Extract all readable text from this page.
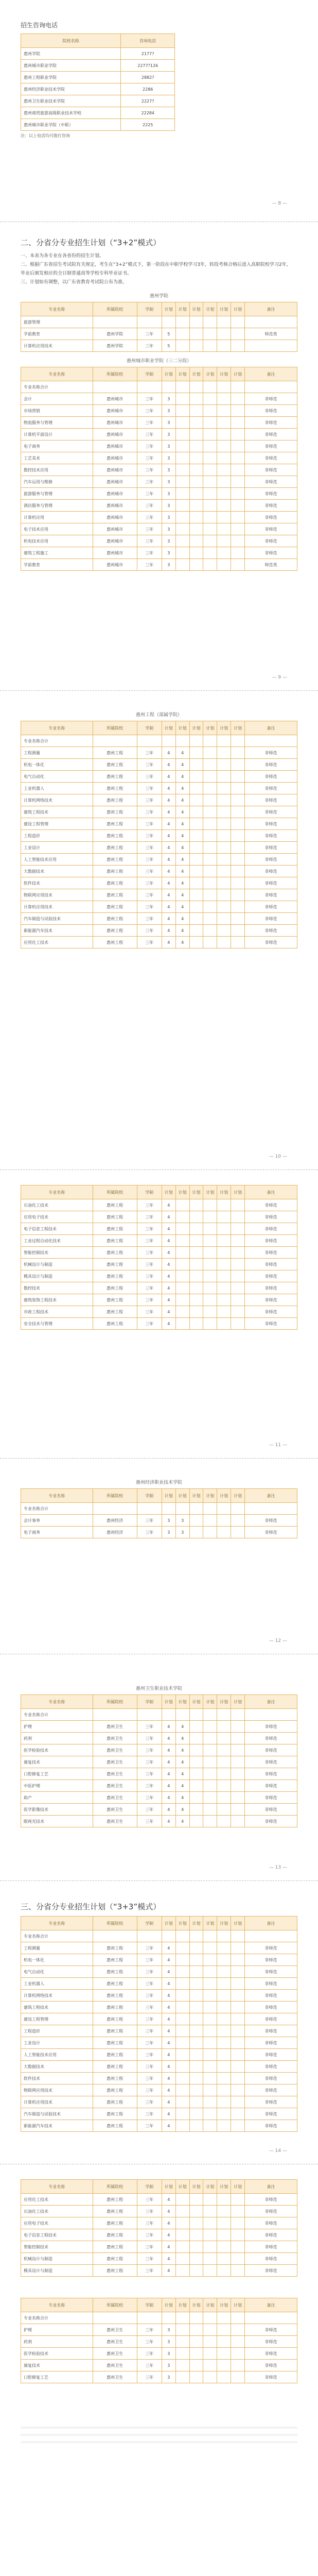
招生咨询电话
院校名称	咨询电话
惠州学院	2177?
惠州城市职业学院	2277?126
惠州工程职业学院	2882?
惠州经济职业技术学院	2286
惠州卫生职业技术学院	2227?
惠州商贸旅游高级职业技术学校	22284
惠州城市职业学院（中职）	2225
注：以上电话均可拨打咨询
— 8 —
二、分省分专业招生计划（“3+2”模式）

一、本表为各专业在各省份的招生计划。

二、根据广东省招生考试院有关规定，考生在“3+2”模式下，第一阶段在中职学校学习3年，转段考核合格后进入高职院校学习2年，

毕业后颁发相应的全日制普通高等学校专科毕业证书。

三、计划如有调整，以广东省教育考试院公布为准。

惠州学院
专业名称	所属院校	学制	计划	计划	计划	计划	计划	计划	备注
旅游管理									
学前教育	惠州学院	三年	5						师范类
计算机应用技术	惠州学院	三年	5						
惠州城市职业学院（三二分段）
专业名称	所属院校	学制	计划	计划	计划	计划	计划	计划	备注
专业名称合计									
会计	惠州城市	三年	3						非师范
市场营销	惠州城市	三年	3						非师范
物流服务与管理	惠州城市	三年	3						非师范
计算机平面设计	惠州城市	三年	3						非师范
电子商务	惠州城市	三年	3						非师范
工艺美术	惠州城市	三年	3						非师范
数控技术应用	惠州城市	三年	3						非师范
汽车运用与维修	惠州城市	三年	3						非师范
旅游服务与管理	惠州城市	三年	3						非师范
酒店服务与管理	惠州城市	三年	3						非师范
计算机应用	惠州城市	三年	3						非师范
电子技术应用	惠州城市	三年	3						非师范
机电技术应用	惠州城市	三年	3						非师范
建筑工程施工	惠州城市	三年	3						非师范
学前教育	惠州城市	三年	3						师范类
— 9 —
惠州工程（部属学院）
专业名称	所属院校	学制	计划	计划	计划	计划	计划	计划	备注
专业名称合计									
工程测量	惠州工程	三年	4	4					非师范
机电一体化	惠州工程	三年	4	4					非师范
电气自动化	惠州工程	三年	4	4					非师范
工业机器人	惠州工程	三年	4	4					非师范
计算机网络技术	惠州工程	三年	4	4					非师范
建筑工程技术	惠州工程	三年	4	4					非师范
建设工程管理	惠州工程	三年	4	4					非师范
工程造价	惠州工程	三年	4	4					非师范
工业设计	惠州工程	三年	4	4					非师范
人工智能技术应用	惠州工程	三年	4	4					非师范
大数据技术	惠州工程	三年	4	4					非师范
软件技术	惠州工程	三年	4	4					非师范
物联网应用技术	惠州工程	三年	4	4					非师范
计算机应用技术	惠州工程	三年	4	4					非师范
汽车制造与试验技术	惠州工程	三年	4	4					非师范
新能源汽车技术	惠州工程	三年	4	4					非师范
应用化工技术	惠州工程	三年	4	4					非师范
— 10 —
专业名称	所属院校	学制	计划	计划	计划	计划	计划	计划	备注
石油化工技术	惠州工程	三年	4						非师范
应用电子技术	惠州工程	三年	4						非师范
电子信息工程技术	惠州工程	三年	4						非师范
工业过程自动化技术	惠州工程	三年	4						非师范
智能控制技术	惠州工程	三年	4						非师范
机械设计与制造	惠州工程	三年	4						非师范
模具设计与制造	惠州工程	三年	4						非师范
数控技术	惠州工程	三年	4						非师范
建筑装饰工程技术	惠州工程	三年	4						非师范
市政工程技术	惠州工程	三年	4						非师范
安全技术与管理	惠州工程	三年	4						非师范
— 11 —
惠州经济职业技术学院
专业名称	所属院校	学制	计划	计划	计划	计划	计划	计划	备注
专业名称合计									
会计事务	惠州经济	三年	3	3					非师范
电子商务	惠州经济	三年	3	3					非师范
— 12 —
惠州卫生职业技术学院
专业名称	所属院校	学制	计划	计划	计划	计划	计划	计划	备注
专业名称合计									
护理	惠州卫生	三年	4	4					非师范
药剂	惠州卫生	三年	4	4					非师范
医学检验技术	惠州卫生	三年	4	4					非师范
康复技术	惠州卫生	三年	4	4					非师范
口腔修复工艺	惠州卫生	三年	4	4					非师范
中医护理	惠州卫生	三年	4	4					非师范
助产	惠州卫生	三年	4	4					非师范
医学影像技术	惠州卫生	三年	4	4					非师范
眼视光技术	惠州卫生	三年	4	4					非师范
— 13 —
三、分省分专业招生计划（“3+3”模式）
专业名称	所属院校	学制	计划	计划	计划	计划	计划	计划	备注
专业名称合计									
工程测量	惠州工程	三年	4						非师范
机电一体化	惠州工程	三年	4						非师范
电气自动化	惠州工程	三年	4						非师范
工业机器人	惠州工程	三年	4						非师范
计算机网络技术	惠州工程	三年	4						非师范
建筑工程技术	惠州工程	三年	4						非师范
建设工程管理	惠州工程	三年	4						非师范
工程造价	惠州工程	三年	4						非师范
工业设计	惠州工程	三年	4						非师范
人工智能技术应用	惠州工程	三年	4						非师范
大数据技术	惠州工程	三年	4						非师范
软件技术	惠州工程	三年	4						非师范
物联网应用技术	惠州工程	三年	4						非师范
计算机应用技术	惠州工程	三年	4						非师范
汽车制造与试验技术	惠州工程	三年	4						非师范
新能源汽车技术	惠州工程	三年	4						非师范
— 14 —
专业名称	所属院校	学制	计划	计划	计划	计划	计划	计划	备注
应用化工技术	惠州工程	三年	4						非师范
石油化工技术	惠州工程	三年	4						非师范
应用电子技术	惠州工程	三年	4						非师范
电子信息工程技术	惠州工程	三年	4						非师范
智能控制技术	惠州工程	三年	4						非师范
机械设计与制造	惠州工程	三年	4						非师范
模具设计与制造	惠州工程	三年	4						非师范
专业名称	所属院校	学制	计划	计划	计划	计划	计划	计划	备注
专业名称合计									
护理	惠州卫生	三年	3						非师范
药剂	惠州卫生	三年	3						非师范
医学检验技术	惠州卫生	三年	3						非师范
康复技术	惠州卫生	三年	3						非师范
口腔修复工艺	惠州卫生	三年	3						非师范
